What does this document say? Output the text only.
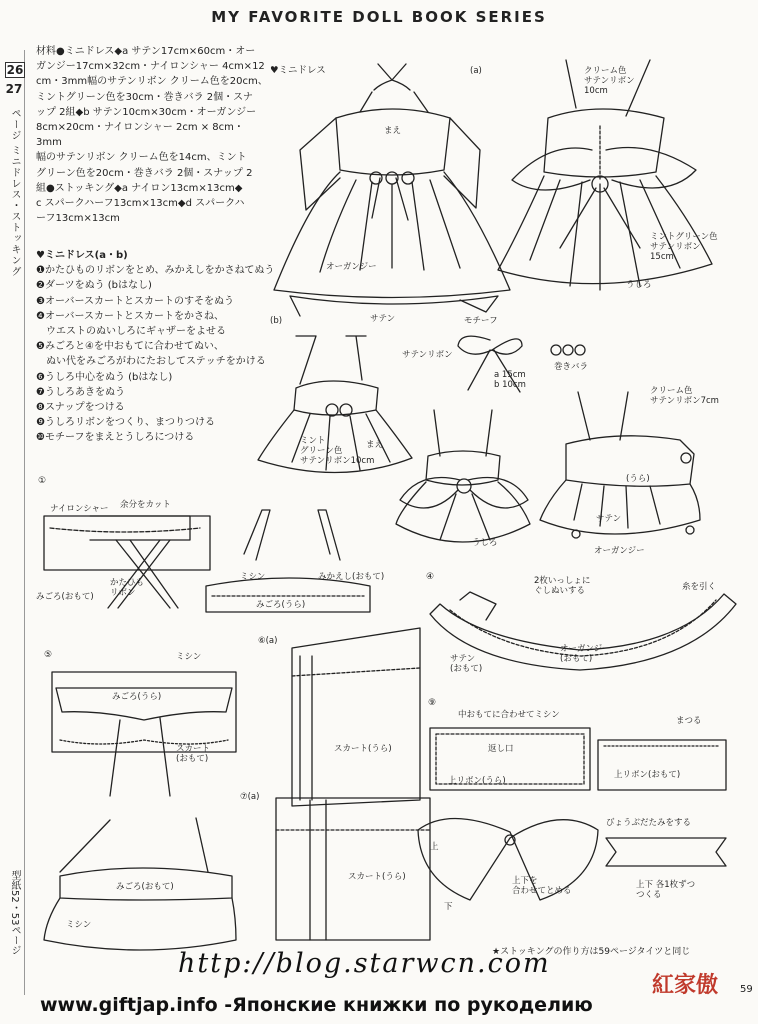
MY FAVORITE DOLL BOOK SERIES
26
27
ページ ミニドレス・ストッキング
型紙52・53ページ
材料●ミニドレス◆a サテン17cm×60cm・オー
ガンジー17cm×32cm・ナイロンシャー 4cm×12
cm・3mm幅のサテンリボン クリーム色を20cm、
ミントグリーン色を30cm・巻きバラ 2個・スナ
ップ 2組◆b サテン10cm×30cm・オーガンジー
8cm×20cm・ナイロンシャー 2cm × 8cm・3mm
幅のサテンリボン クリーム色を14cm、ミント
グリーン色を20cm・巻きバラ 2個・スナップ 2
組●ストッキング◆a ナイロン13cm×13cm◆
c スパークハーフ13cm×13cm◆d スパークハ
ーフ13cm×13cm
♥ミニドレス(a・b)
❶かたひものリボンをとめ、みかえしをかさねてぬう
❷ダーツをぬう (bはなし)
❸オーバースカートとスカートのすそをぬう
❹オーバースカートとスカートをかさね、
　ウエストのぬいしろにギャザーをよせる
❺みごろと④を中おもてに合わせてぬい、
　ぬい代をみごろがわにたおしてステッチをかける
❻うしろ中心をぬう (bはなし)
❼うしろあきをぬう
❽スナップをつける
❾うしろリボンをつくり、まつりつける
❿モチーフをまえとうしろにつける
♥ミニドレス	(a)
まえ
オーガンジー
サテン
クリーム色
サテンリボン
10cm
ミントグリーン色
サテンリボン
15cm
うしろ
(b)	モチーフ
サテンリボン
a 15cm
b 10cm
巻きバラ
ミント
グリーン色
サテンリボン10cm
まえ
クリーム色
サテンリボン7cm
(うら)
サテン
オーガンジー
うしろ
①
ナイロンシャー 余分をカット
みごろ(おもて)
かたひも
リボン
ミシン	みかえし(おもて)
みごろ(うら)
④
糸を引く
2枚いっしょに
ぐしぬいする
オーガンジー
(おもて)
サテン
(おもて)
⑤	ミシン
みごろ(うら)
スカート
(おもて)
みごろ(おもて)
ミシン
⑥(a)
スカート(うら)
⑦(a)
スカート(うら)
⑨
中おもてに合わせてミシン
返し口
上リボン(うら)
まつる
上リボン(おもて)
びょうぶだたみをする
上
下
上下を
合わせてとめる
上下 各1枚ずつ
つくる
★ストッキングの作り方は59ページタイツと同じ
http://blog.starwcn.com
紅家傲 59
www.giftjap.info -Японские книжки по рукоделию
